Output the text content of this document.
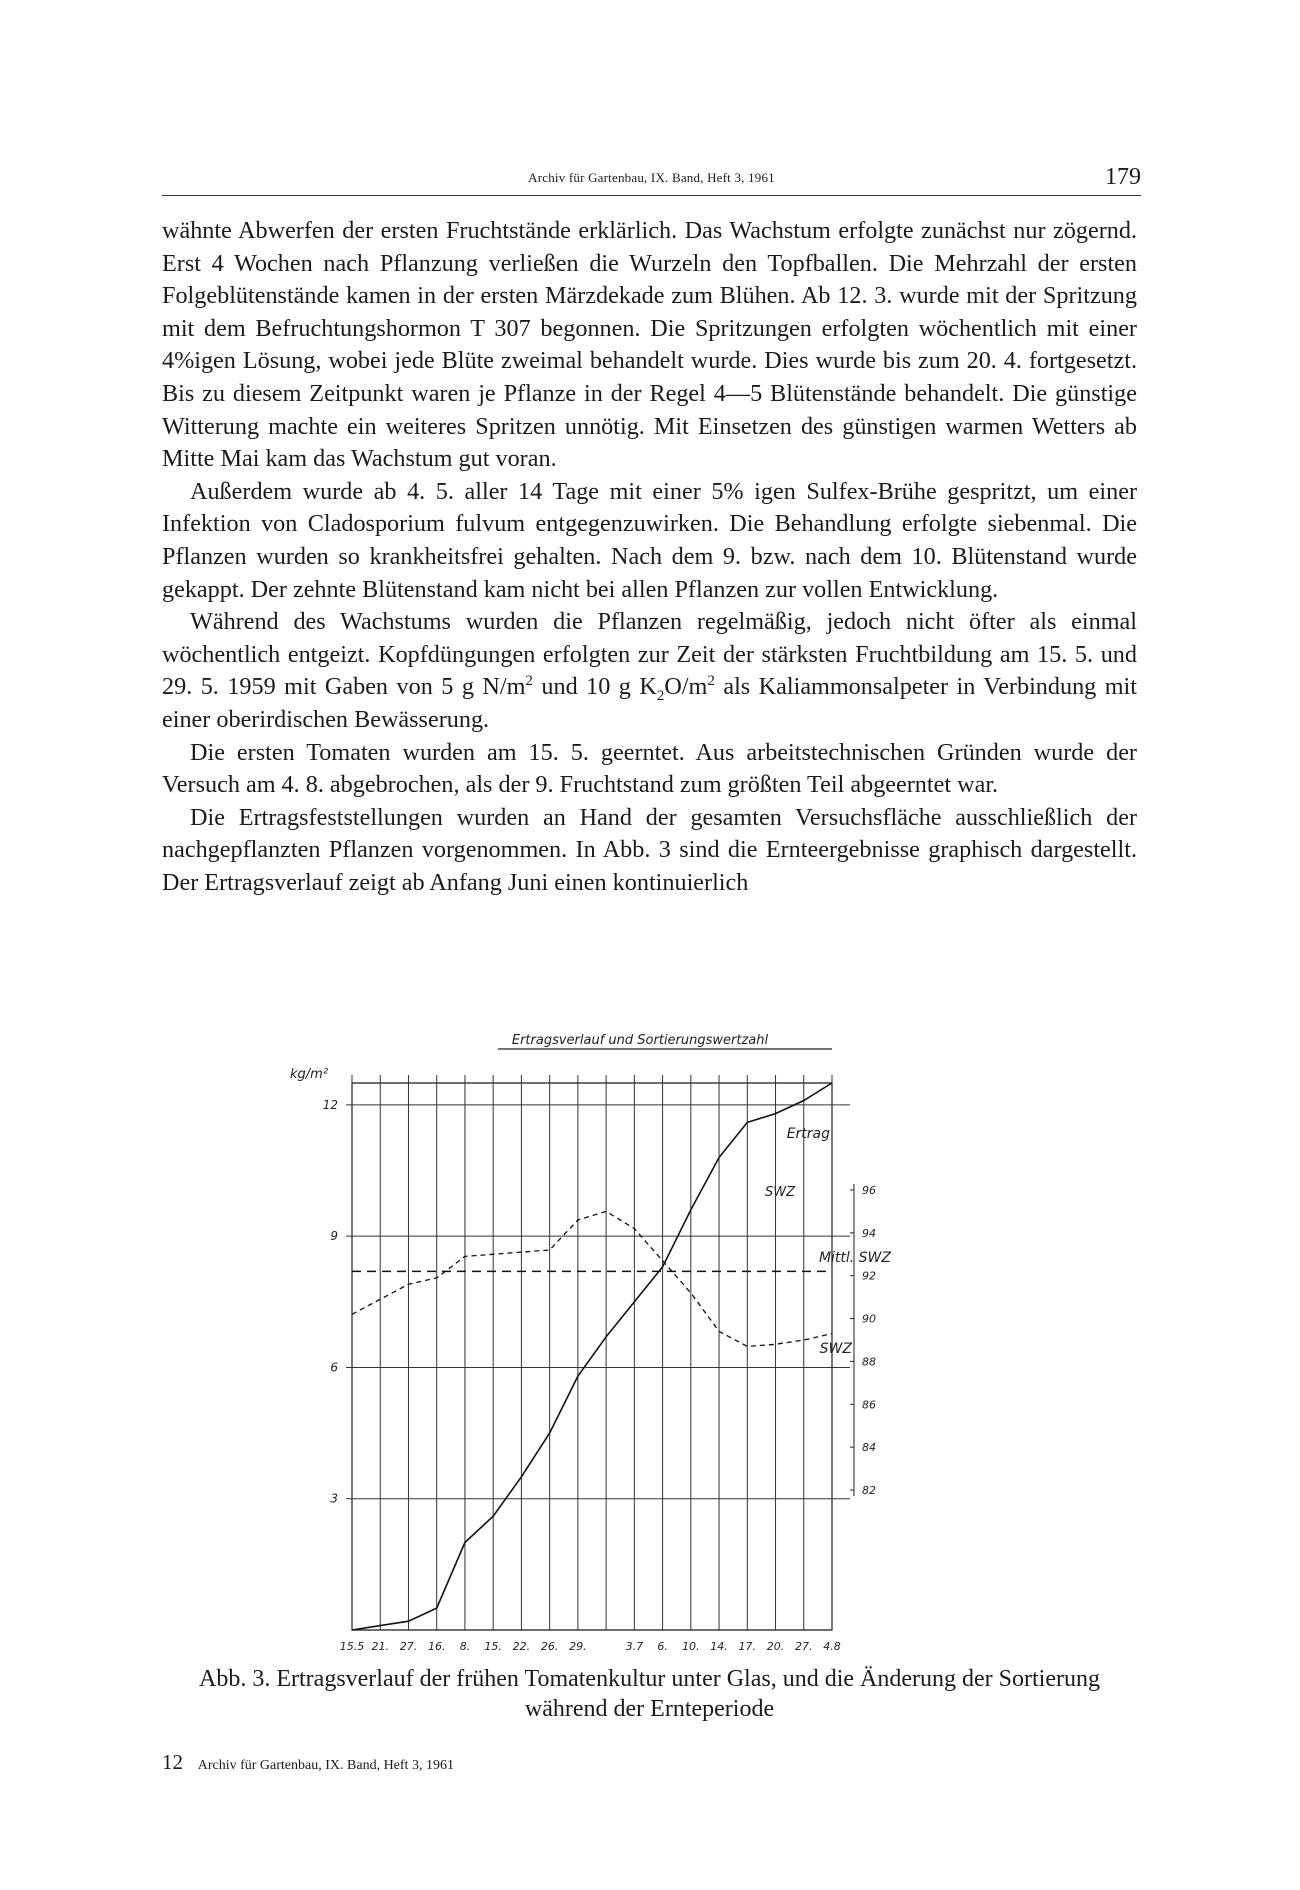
Archiv für Gartenbau, IX. Band, Heft 3, 1961	179

wähnte Abwerfen der ersten Fruchtstände erklärlich. Das Wachstum erfolgte zunächst nur zögernd. Erst 4 Wochen nach Pflanzung verließen die Wurzeln den Topfballen. Die Mehrzahl der ersten Folgeblütenstände kamen in der ersten Märzdekade zum Blühen. Ab 12. 3. wurde mit der Spritzung mit dem Befruchtungshormon T 307 begonnen. Die Spritzungen erfolgten wöchentlich mit einer 4%igen Lösung, wobei jede Blüte zweimal behandelt wurde. Dies wurde bis zum 20. 4. fortgesetzt. Bis zu diesem Zeitpunkt waren je Pflanze in der Regel 4—5 Blütenstände behandelt. Die günstige Witterung machte ein weiteres Spritzen unnötig. Mit Einsetzen des günstigen warmen Wetters ab Mitte Mai kam das Wachstum gut voran.

Außerdem wurde ab 4. 5. aller 14 Tage mit einer 5% igen Sulfex-Brühe gespritzt, um einer Infektion von Cladosporium fulvum entgegenzuwirken. Die Behandlung erfolgte siebenmal. Die Pflanzen wurden so krankheitsfrei gehalten. Nach dem 9. bzw. nach dem 10. Blütenstand wurde gekappt. Der zehnte Blütenstand kam nicht bei allen Pflanzen zur vollen Entwicklung.

Während des Wachstums wurden die Pflanzen regelmäßig, jedoch nicht öfter als einmal wöchentlich entgeizt. Kopfdüngungen erfolgten zur Zeit der stärksten Fruchtbildung am 15. 5. und 29. 5. 1959 mit Gaben von 5 g $N/m^2$ und 10 g $K_2O/m^2$ als Kaliammonsalpeter in Verbindung mit einer oberirdischen Bewässerung.

Die ersten Tomaten wurden am 15. 5. geerntet. Aus arbeitstechnischen Gründen wurde der Versuch am 4. 8. abgebrochen, als der 9. Fruchtstand zum größten Teil abgeerntet war.

Die Ertragsfeststellungen wurden an Hand der gesamten Versuchsfläche ausschließlich der nachgepflanzten Pflanzen vorgenommen. In Abb. 3 sind die Ernteergebnisse graphisch dargestellt. Der Ertragsverlauf zeigt ab Anfang Juni einen kontinuierlich

Ertragsverlauf und Sortierungswertzahl
kg/m²
SWZ
3
6
9
12
82
84
86
88
90
92
94
96
15.5 21. 27. 16. 8. 15. 22. 26. 29.	3.7 6. 10. 14. 17. 20. 27. 4.8
Ertrag
Mittl. SWZ
SWZ
Abb. 3. Ertragsverlauf der frühen Tomatenkultur unter Glas, und die Änderung der Sortierung während der Ernteperiode
12 Archiv für Gartenbau, IX. Band, Heft 3, 1961
